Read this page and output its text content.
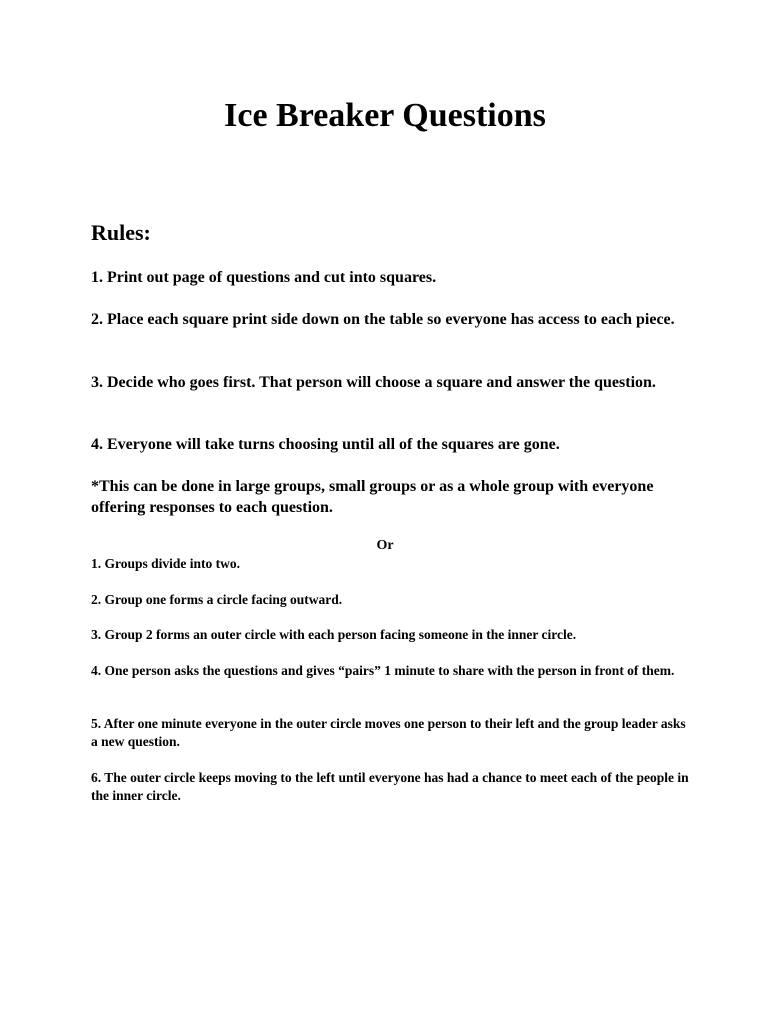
Ice Breaker Questions
Rules:
1. Print out page of questions and cut into squares.
2. Place each square print side down on the table so everyone has access to each piece.
3. Decide who goes first. That person will choose a square and answer the question.
4. Everyone will take turns choosing until all of the squares are gone.
*This can be done in large groups, small groups or as a whole group with everyone offering responses to each question.
Or
1. Groups divide into two.
2. Group one forms a circle facing outward.
3. Group 2 forms an outer circle with each person facing someone in the inner circle.
4. One person asks the questions and gives “pairs” 1 minute to share with the person in front of them.
5. After one minute everyone in the outer circle moves one person to their left and the group leader asks a new question.
6. The outer circle keeps moving to the left until everyone has had a chance to meet each of the people in the inner circle.
